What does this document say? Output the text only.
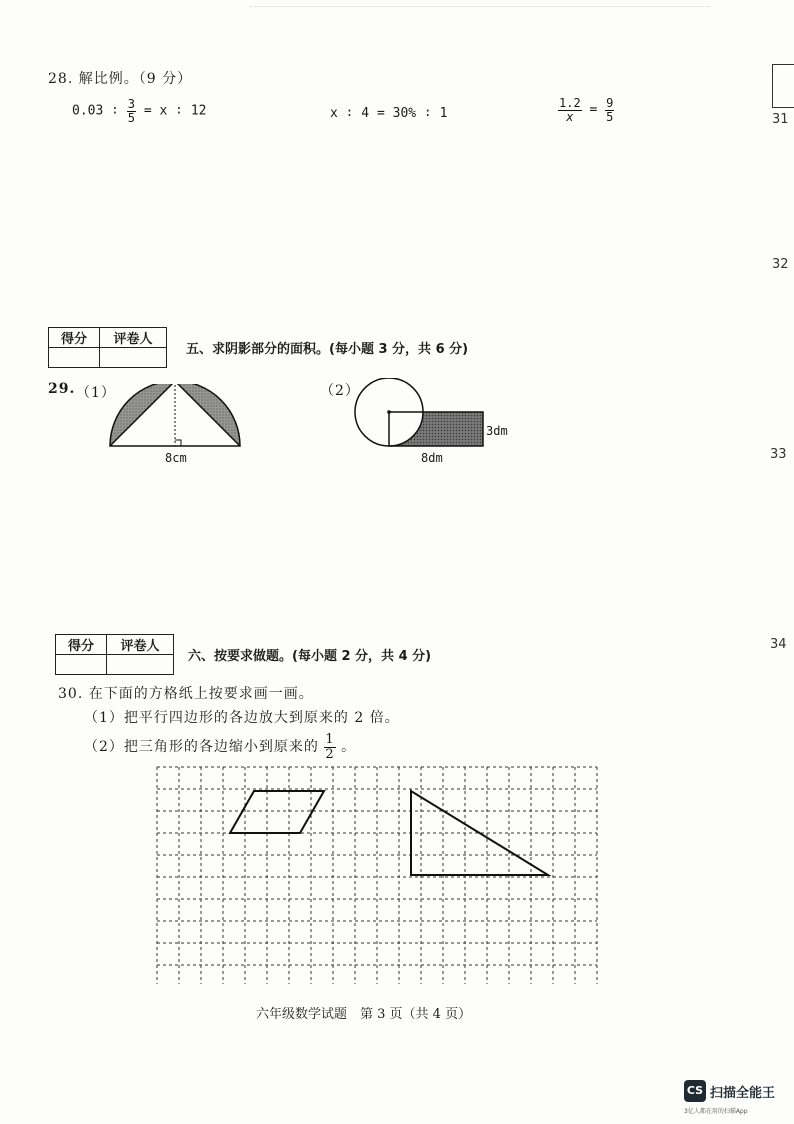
31
32
33
34
28. 解比例。（9 分）
0.03 ∶ $\frac{3}{5} = x$ ∶ 12	x ∶ 4 = 30% ∶ 1	$\frac{1.2}{x} = \frac{9}{5}$
得分	评卷人

五、求阴影部分的面积。(每小题 3 分，共 6 分)
29. （1）	（2）
8cm
3dm
8dm
得分	评卷人

六、按要求做题。(每小题 2 分，共 4 分)
30. 在下面的方格纸上按要求画一画。
（1）把平行四边形的各边放大到原来的 2 倍。
（2）把三角形的各边缩小到原来的 $\frac{1}{2}$ 。
六年级数学试题　第 3 页（共 4 页）
CS 扫描全能王
3亿人都在用的扫描App
